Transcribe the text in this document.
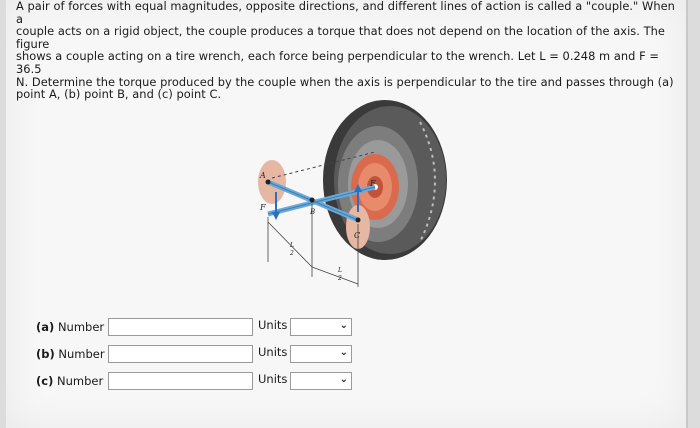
A pair of forces with equal magnitudes, opposite directions, and different lines of action is called a "couple." When a

couple acts on a rigid object, the couple produces a torque that does not depend on the location of the axis. The figure

shows a couple acting on a tire wrench, each force being perpendicular to the wrench. Let L = 0.248 m and F = 36.5

N. Determine the torque produced by the couple when the axis is perpendicular to the tire and passes through (a)

point A, (b) point B, and (c) point C.

A
F	B
F
C
L
2
L
2
(a) Number	Units	⌄
(b) Number	Units	⌄
(c) Number	Units	⌄
